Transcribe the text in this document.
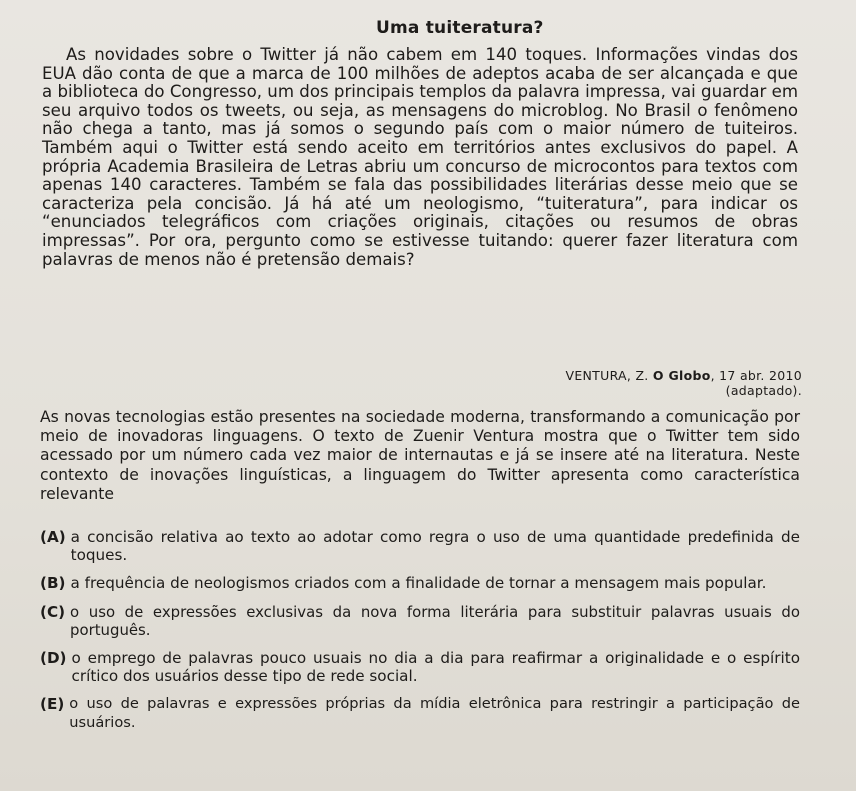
Uma tuiteratura?
As novidades sobre o Twitter já não cabem em 140 toques. Informações vindas dos EUA dão conta de que a marca de 100 milhões de adeptos acaba de ser alcançada e que a biblioteca do Congresso, um dos principais templos da palavra impressa, vai guardar em seu arquivo todos os tweets, ou seja, as mensagens do microblog. No Brasil o fenômeno não chega a tanto, mas já somos o segundo país com o maior número de tuiteiros. Também aqui o Twitter está sendo aceito em territórios antes exclusivos do papel. A própria Academia Brasileira de Letras abriu um concurso de microcontos para textos com apenas 140 caracteres. Também se fala das possibilidades literárias desse meio que se caracteriza pela concisão. Já há até um neologismo, “tuiteratura”, para indicar os “enunciados telegráficos com criações originais, citações ou resumos de obras impressas”. Por ora, pergunto como se estivesse tuitando: querer fazer literatura com palavras de menos não é pretensão demais?
VENTURA, Z. O Globo, 17 abr. 2010
(adaptado).
As novas tecnologias estão presentes na sociedade moderna, transformando a comunicação por meio de inovadoras linguagens. O texto de Zuenir Ventura mostra que o Twitter tem sido acessado por um número cada vez maior de internautas e já se insere até na literatura. Neste contexto de inovações linguísticas, a linguagem do Twitter apresenta como característica relevante
(A) a concisão relativa ao texto ao adotar como regra o uso de uma quantidade predefinida de toques.
(B) a frequência de neologismos criados com a finalidade de tornar a mensagem mais popular.
(C) o uso de expressões exclusivas da nova forma literária para substituir palavras usuais do português.
(D) o emprego de palavras pouco usuais no dia a dia para reafirmar a originalidade e o espírito crítico dos usuários desse tipo de rede social.
(E) o uso de palavras e expressões próprias da mídia eletrônica para restringir a participação de usuários.
